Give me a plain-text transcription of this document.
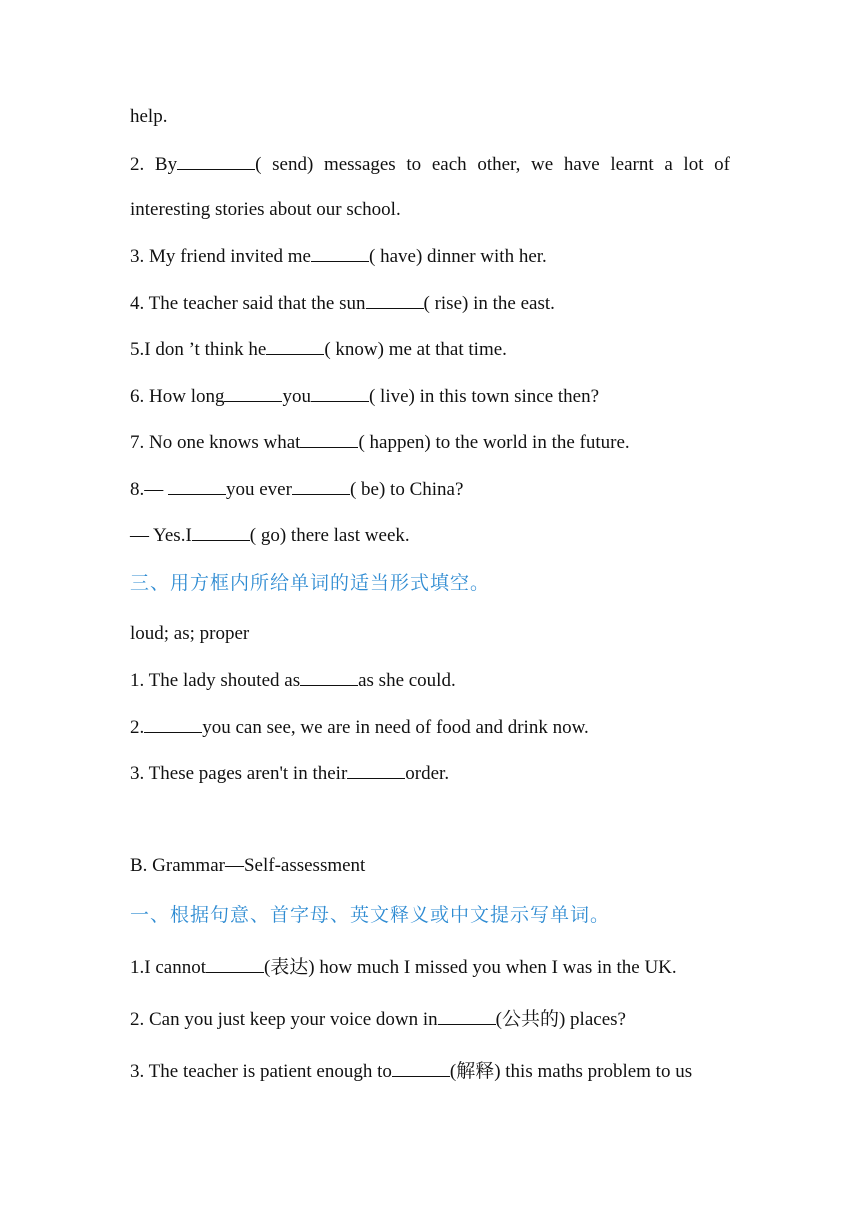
help.
2. By	( send) messages to each other, we have learnt a lot of
interesting stories about our school.
3. My friend invited me	( have) dinner with her.
4. The teacher said that the sun	( rise) in the east.
5.I don ’t think he	( know) me at that time.
6. How long	you	( live) in this town since then?
7. No one knows what	( happen) to the world in the future.
8.—	you ever	( be) to China?
— Yes.I	( go) there last week.
三、用方框内所给单词的适当形式填空。
loud; as; proper
1. The lady shouted as	as she could.
2.	you can see, we are in need of food and drink now.
3. These pages aren't in their	order.
B. Grammar—Self-assessment
一、根据句意、首字母、英文释义或中文提示写单词。
1.I cannot	(表达) how much I missed you when I was in the UK.
2. Can you just keep your voice down in	(公共的) places?
3. The teacher is patient enough to	(解释) this maths problem to us
